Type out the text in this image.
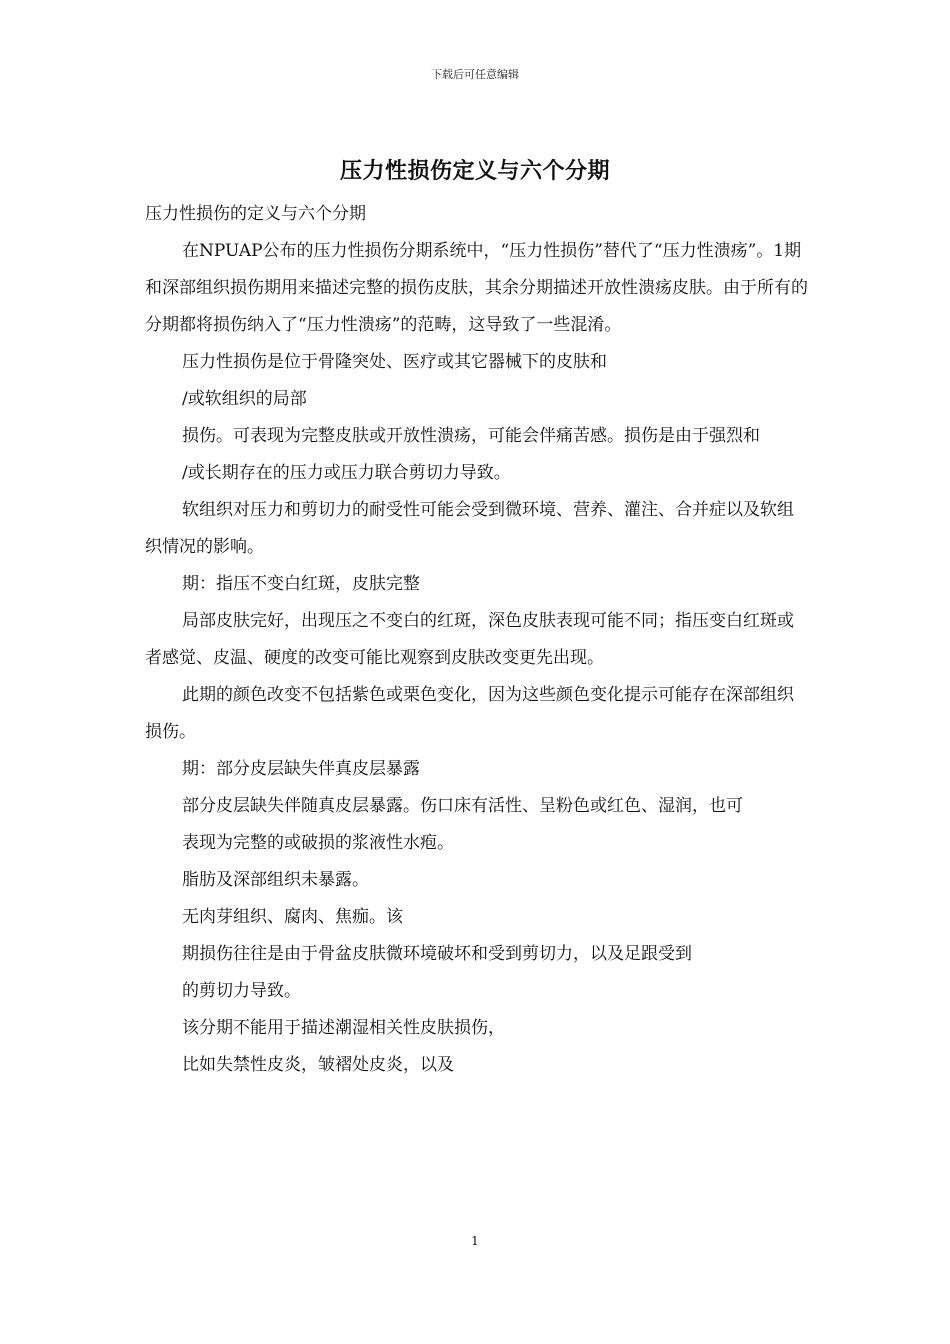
下载后可任意编辑
压力性损伤定义与六个分期

压力性损伤的定义与六个分期

在NPUAP公布的压力性损伤分期系统中，“压力性损伤”替代了“压力性溃疡”。1期和深部组织损伤期用来描述完整的损伤皮肤，其余分期描述开放性溃疡皮肤。由于所有的分期都将损伤纳入了“压力性溃疡”的范畴，这导致了一些混淆。

压力性损伤是位于骨隆突处、医疗或其它器械下的皮肤和

/或软组织的局部

损伤。可表现为完整皮肤或开放性溃疡，可能会伴痛苦感。损伤是由于强烈和

/或长期存在的压力或压力联合剪切力导致。

软组织对压力和剪切力的耐受性可能会受到微环境、营养、灌注、合并症以及软组织情况的影响。

期：指压不变白红斑，皮肤完整

局部皮肤完好，出现压之不变白的红斑，深色皮肤表现可能不同；指压变白红斑或者感觉、皮温、硬度的改变可能比观察到皮肤改变更先出现。

此期的颜色改变不包括紫色或栗色变化，因为这些颜色变化提示可能存在深部组织损伤。

期：部分皮层缺失伴真皮层暴露

部分皮层缺失伴随真皮层暴露。伤口床有活性、呈粉色或红色、湿润，也可

表现为完整的或破损的浆液性水疱。

脂肪及深部组织未暴露。

无肉芽组织、腐肉、焦痂。该

期损伤往往是由于骨盆皮肤微环境破坏和受到剪切力，以及足跟受到

的剪切力导致。

该分期不能用于描述潮湿相关性皮肤损伤，

比如失禁性皮炎，皱褶处皮炎，以及

1
